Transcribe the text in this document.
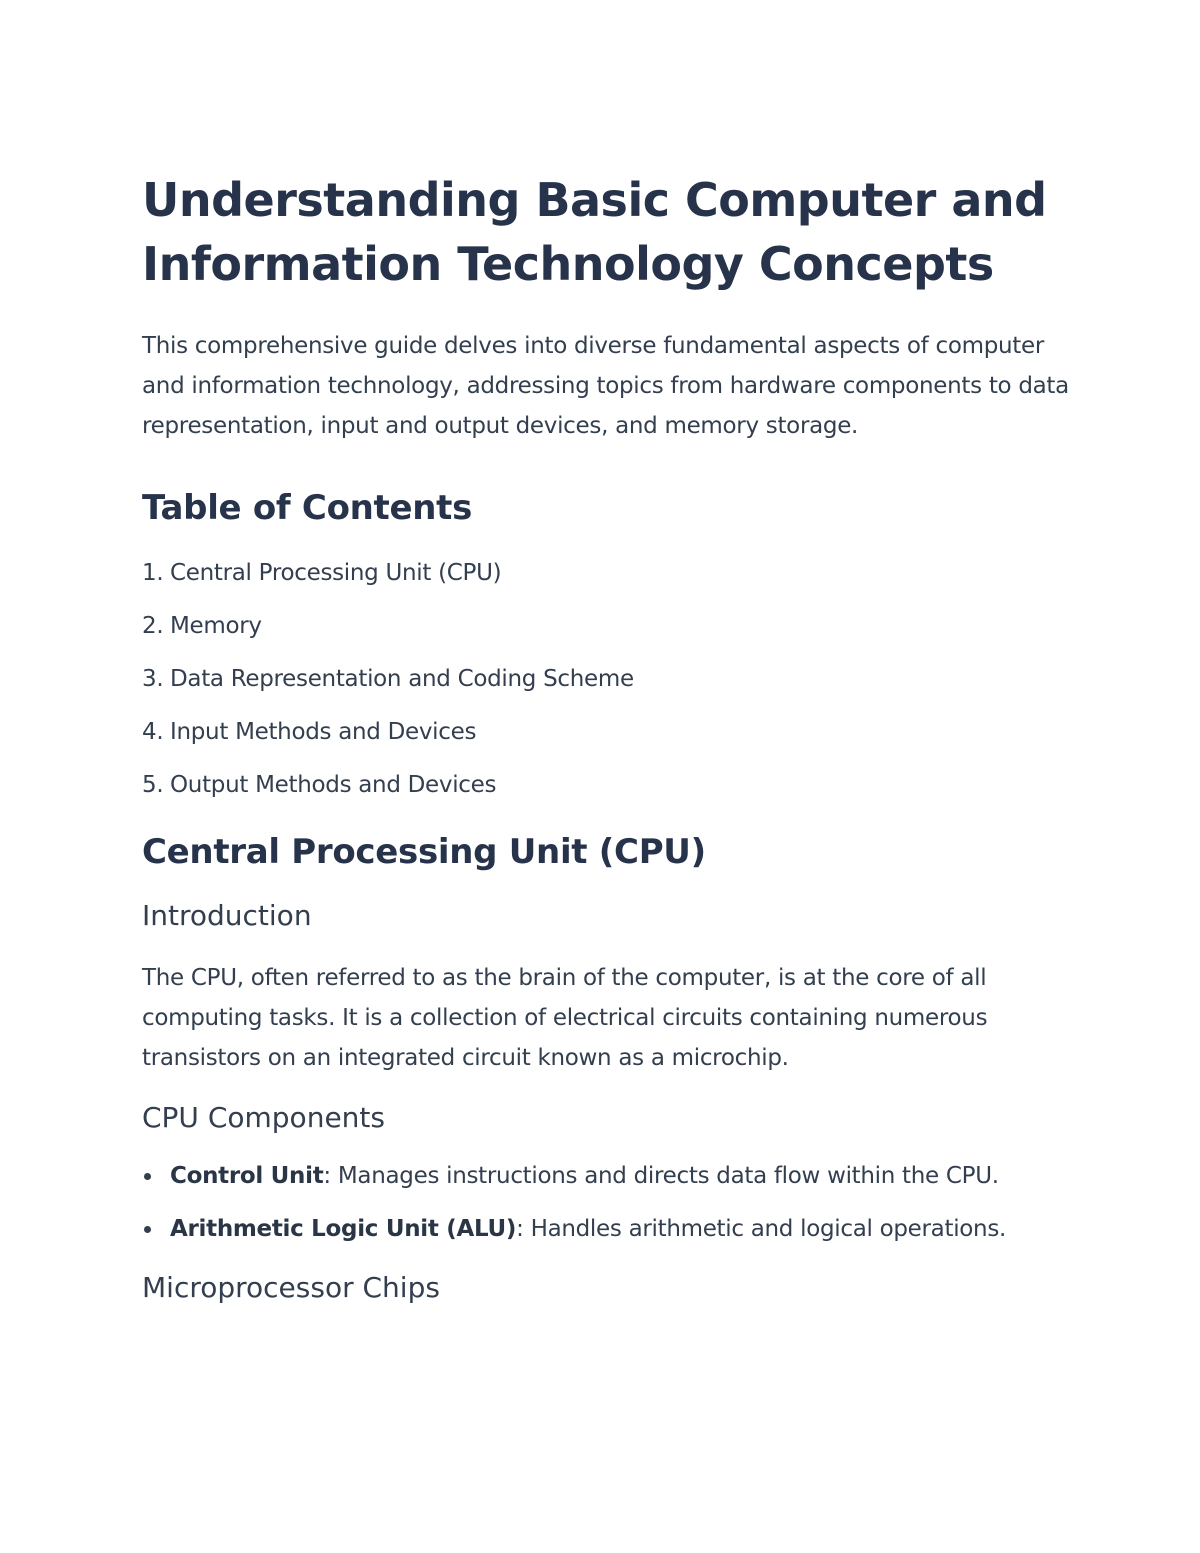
Understanding Basic Computer and Information Technology Concepts

This comprehensive guide delves into diverse fundamental aspects of computer and information technology, addressing topics from hardware components to data representation, input and output devices, and memory storage.

Table of Contents
1. Central Processing Unit (CPU)
2. Memory
3. Data Representation and Coding Scheme
4. Input Methods and Devices
5. Output Methods and Devices
Central Processing Unit (CPU)
Introduction

The CPU, often referred to as the brain of the computer, is at the core of all computing tasks. It is a collection of electrical circuits containing numerous transistors on an integrated circuit known as a microchip.

CPU Components
Control Unit: Manages instructions and directs data flow within the CPU.
Arithmetic Logic Unit (ALU): Handles arithmetic and logical operations.
Microprocessor Chips
